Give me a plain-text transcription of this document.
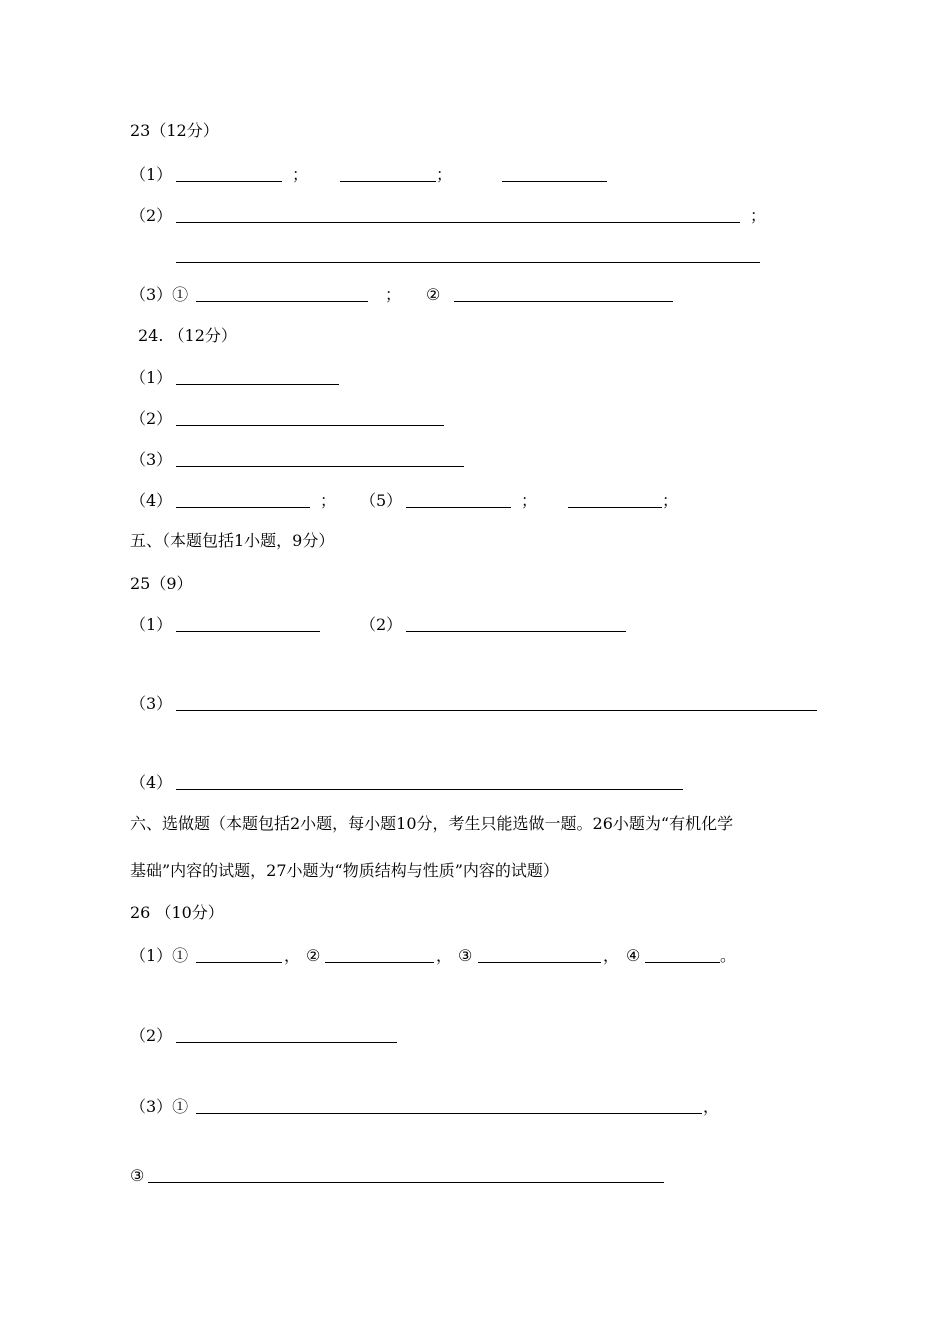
23（12分）
（1）	；	；
（2）	；
（3）①	； ②
24. （12分）
（1）
（2）
（3）
（4）	； （5）	；	；
五、（本题包括1小题，9分）
25（9）
（1）	（2）
（3）
（4）
六、选做题（本题包括2小题，每小题10分，考生只能选做一题。26小题为“有机化学
基础”内容的试题，27小题为“物质结构与性质”内容的试题）
26 （10分）
（1）①	， ②	， ③	， ④	。
（2）
（3）①	，
③
